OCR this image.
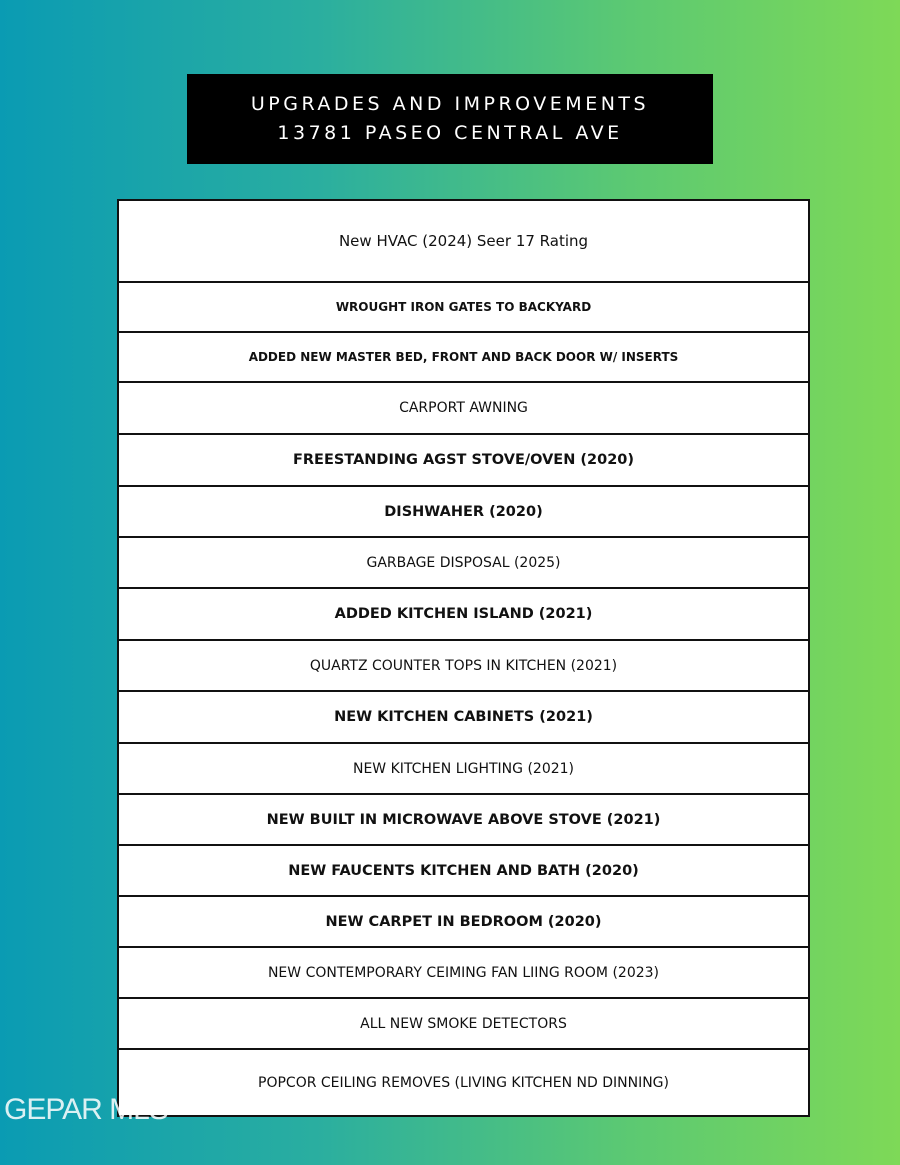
UPGRADES AND IMPROVEMENTS
13781 PASEO CENTRAL AVE
New HVAC (2024) Seer 17 Rating
WROUGHT IRON GATES TO BACKYARD
ADDED NEW MASTER BED, FRONT AND BACK DOOR W/ INSERTS
CARPORT AWNING
FREESTANDING AGST STOVE/OVEN (2020)
DISHWAHER (2020)
GARBAGE DISPOSAL (2025)
ADDED KITCHEN ISLAND (2021)
QUARTZ COUNTER TOPS IN KITCHEN (2021)
NEW KITCHEN CABINETS (2021)
NEW KITCHEN LIGHTING (2021)
NEW BUILT IN MICROWAVE ABOVE STOVE (2021)
NEW FAUCENTS KITCHEN AND BATH (2020)
NEW CARPET IN BEDROOM (2020)
NEW CONTEMPORARY CEIMING FAN LIING ROOM (2023)
ALL NEW SMOKE DETECTORS
POPCOR CEILING REMOVES (LIVING KITCHEN ND DINNING)
GEPAR MLS
